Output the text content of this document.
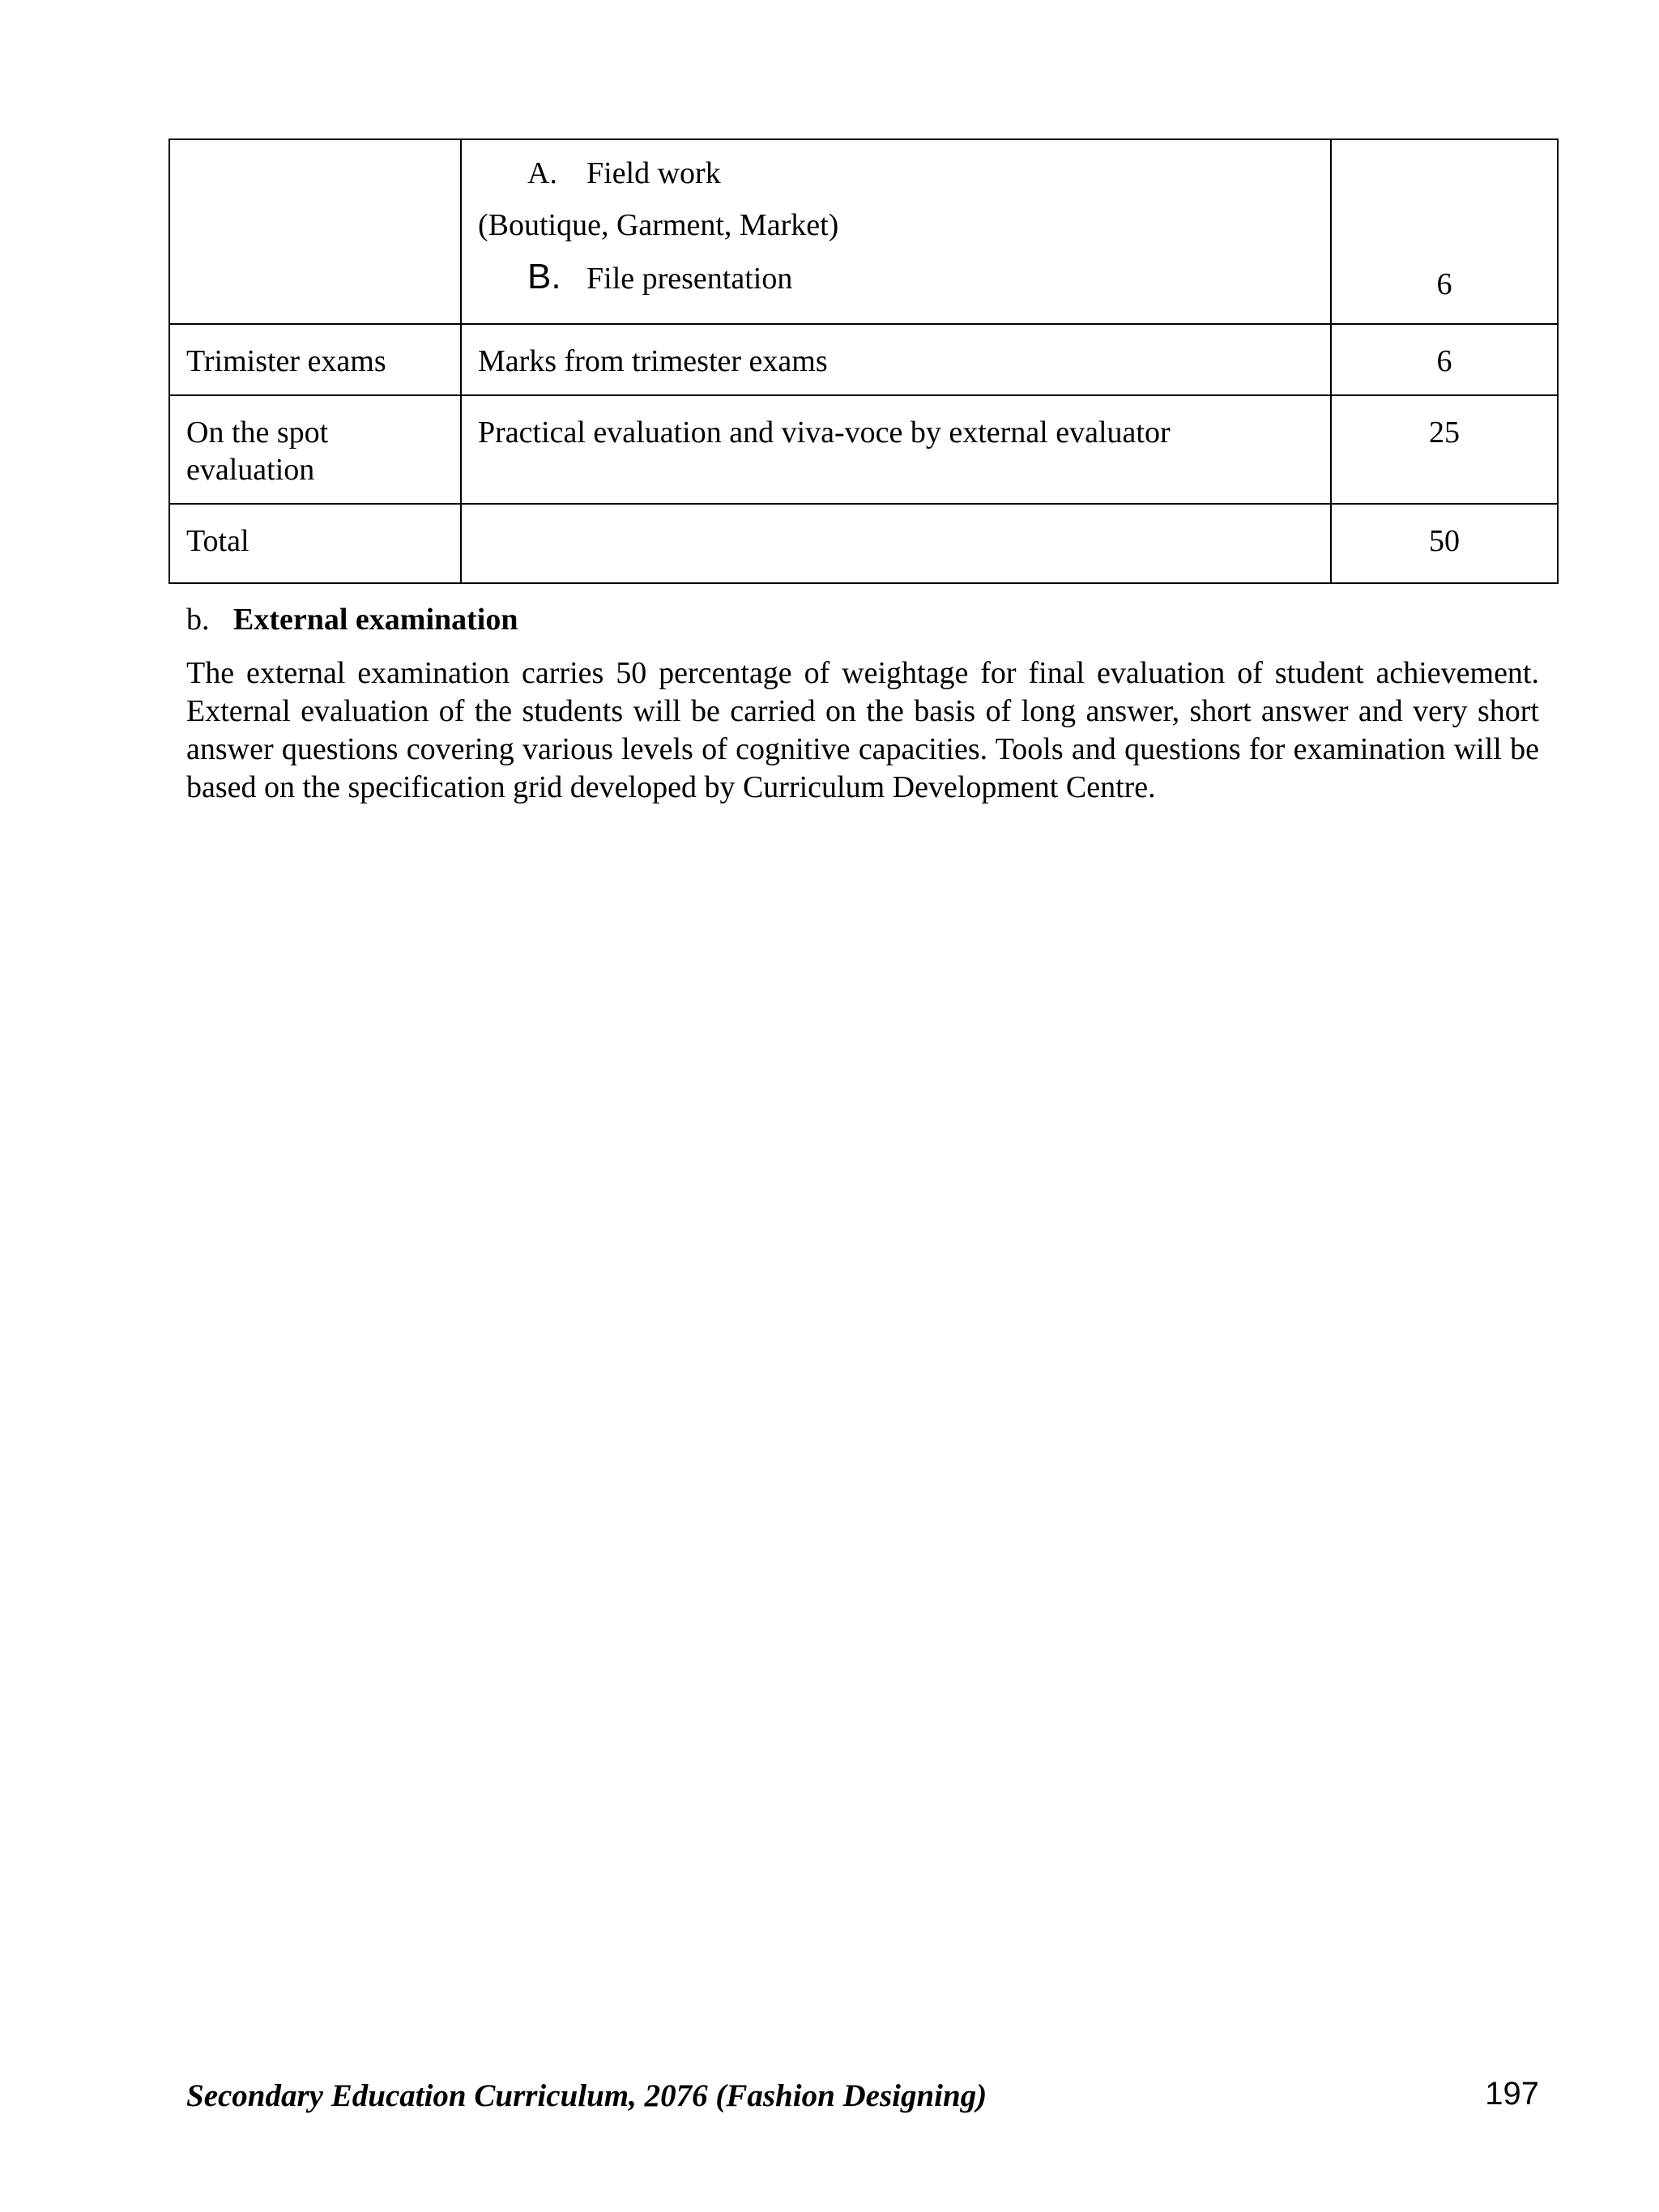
	A. Field work
(Boutique, Garment, Market)
B. File presentation	6

Trimister exams	Marks from trimester exams	6

On the spot
evaluation	Practical evaluation and viva-voce by external evaluator	25
Total		50
b. External examination

The external examination carries 50 percentage of weightage for final evaluation of student achievement. External evaluation of the students will be carried on the basis of long answer, short answer and very short answer questions covering various levels of cognitive capacities. Tools and questions for examination will be based on the specification grid developed by Curriculum Development Centre.

Secondary Education Curriculum, 2076 (Fashion Designing)	197
